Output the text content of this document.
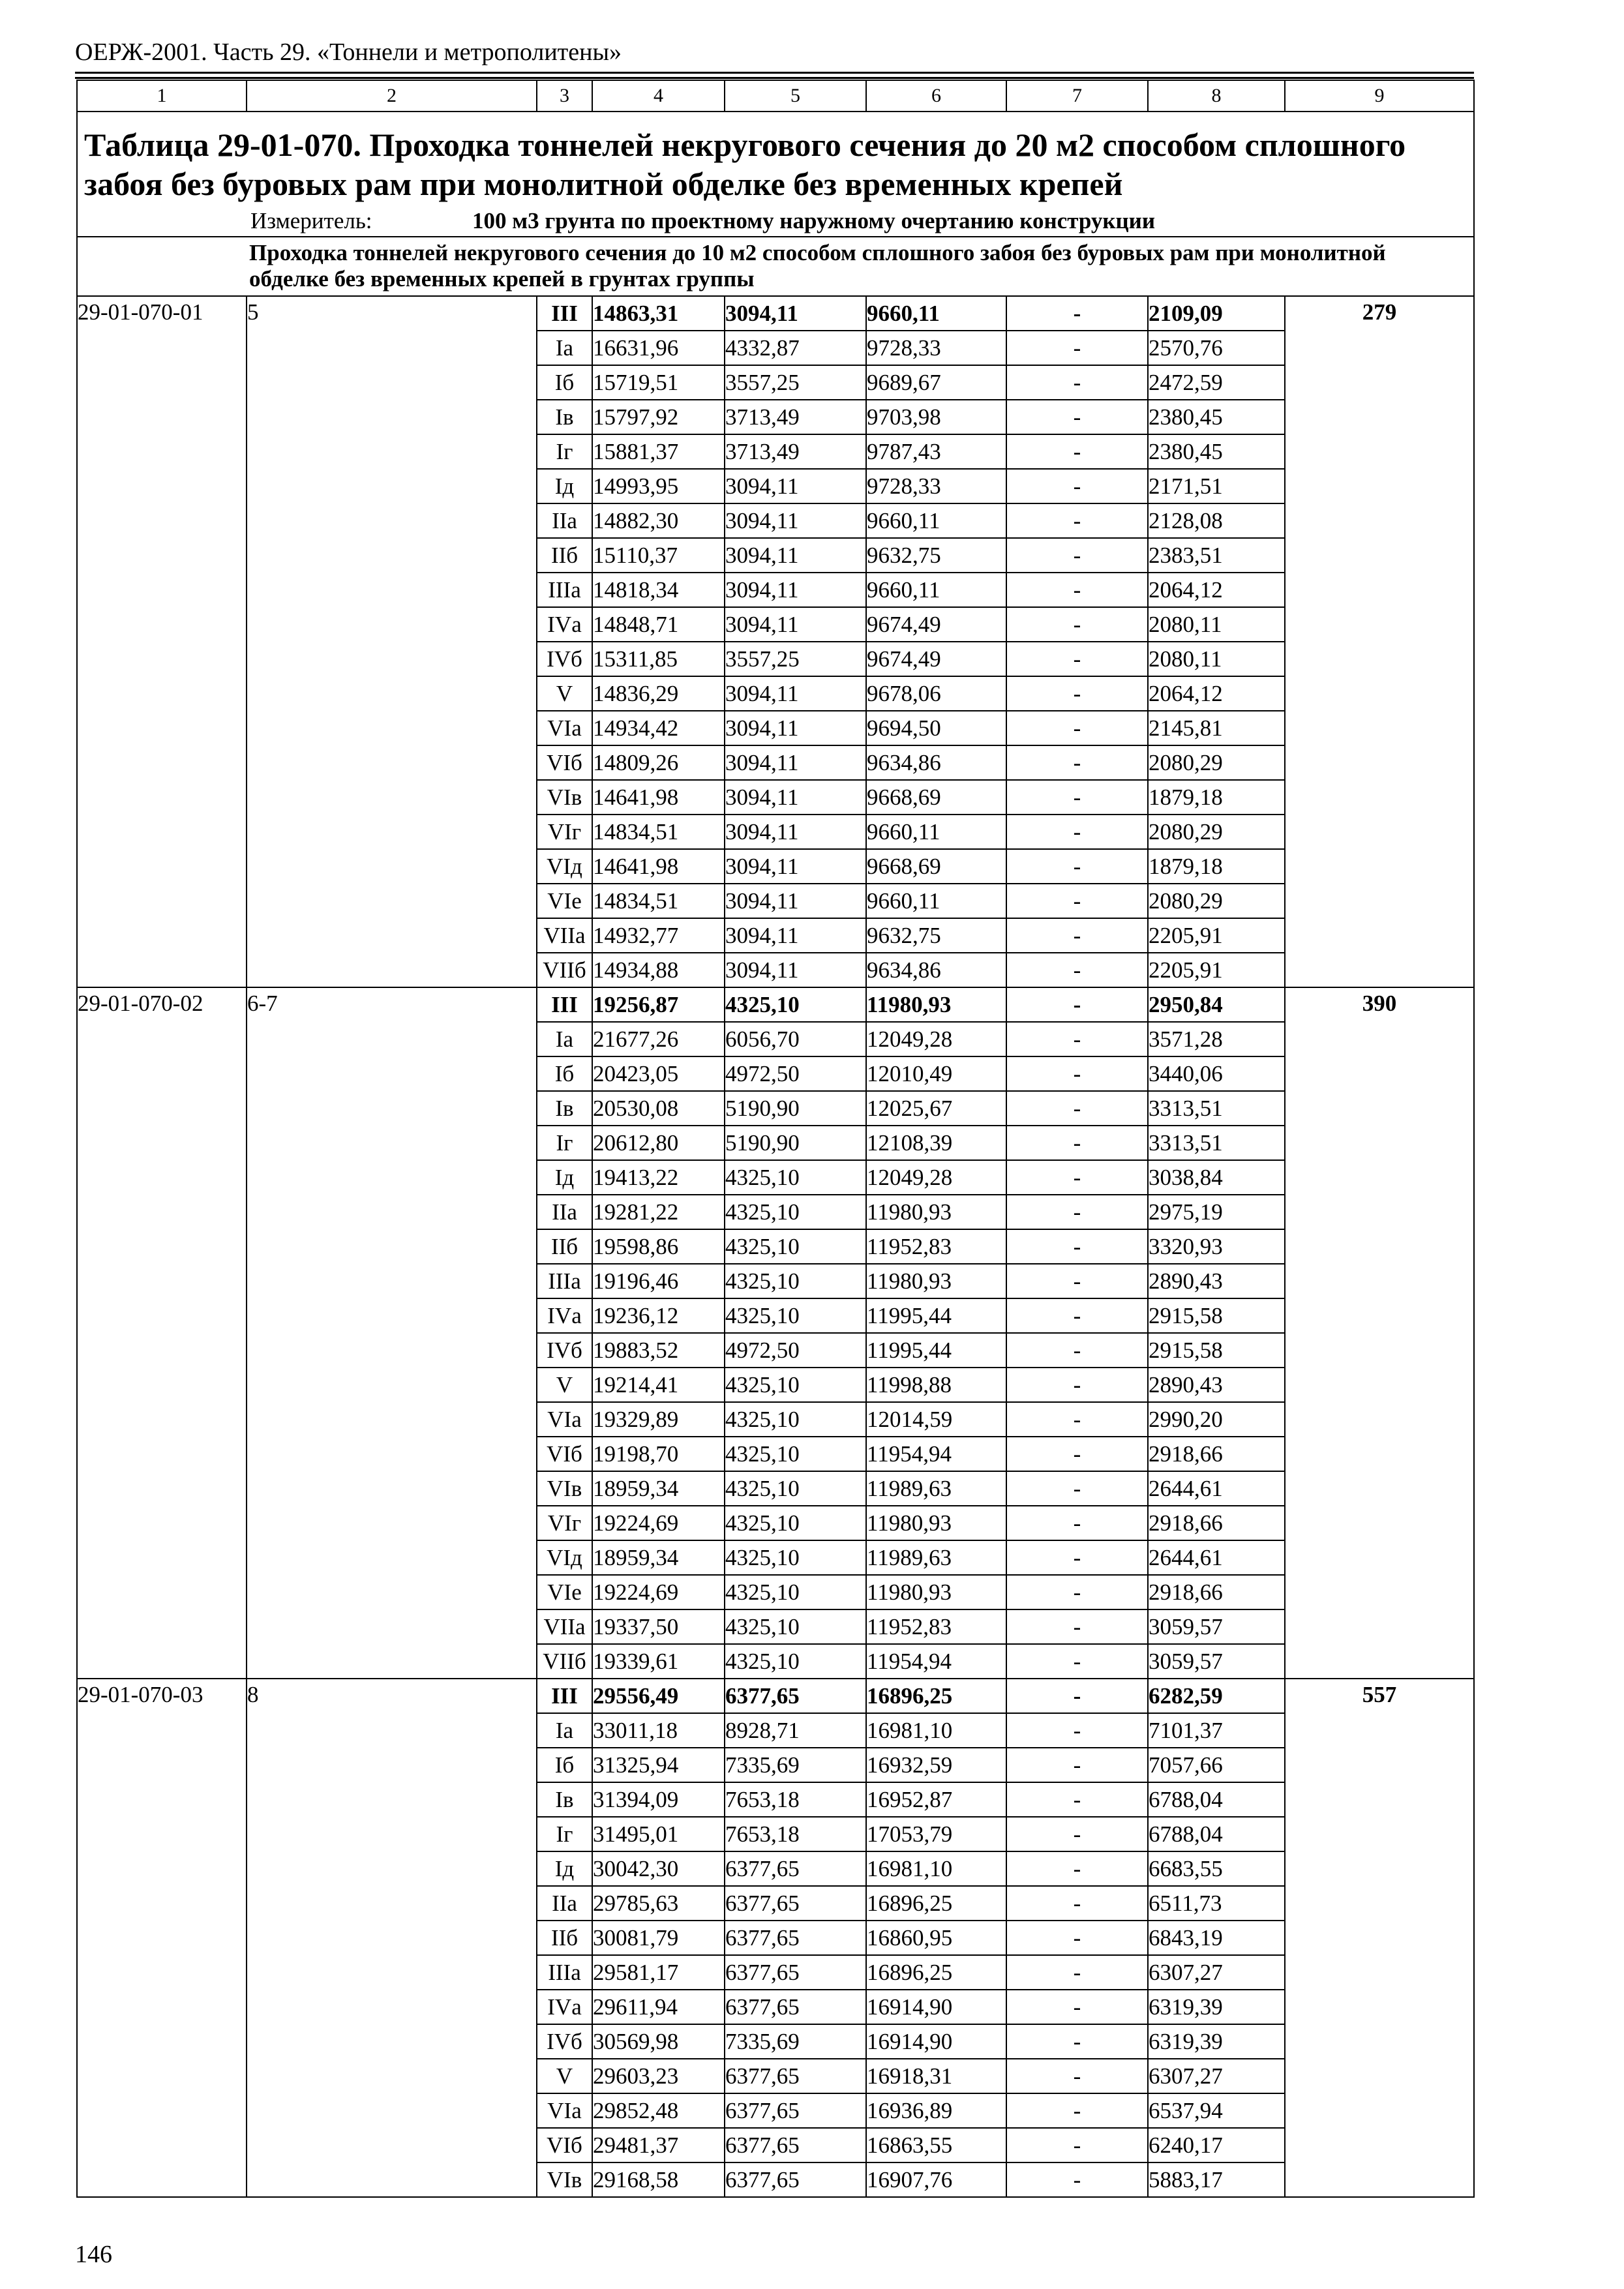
ОЕРЖ-2001. Часть 29. «Тоннели и метрополитены»
1	2	3	4	5	6	7	8	9
Таблица 29-01-070. Проходка тоннелей некругового сечения до 20 м2 способом сплошного забоя без буровых рам при монолитной обделке без временных крепей								
Измеритель: 100 м3 грунта по проектному наружному очертанию конструкции								
Проходка тоннелей некругового сечения до 10 м2 способом сплошного забоя без буровых рам при монолитной обделке без временных крепей в грунтах группы								
29-01-070-01	5	III	14863,31	3094,11	9660,11	-	2109,09	279
		Iа	16631,96	4332,87	9728,33	-	2570,76	
		Iб	15719,51	3557,25	9689,67	-	2472,59	
		Iв	15797,92	3713,49	9703,98	-	2380,45	
		Iг	15881,37	3713,49	9787,43	-	2380,45	
		Iд	14993,95	3094,11	9728,33	-	2171,51	
		IIа	14882,30	3094,11	9660,11	-	2128,08	
		IIб	15110,37	3094,11	9632,75	-	2383,51	
		IIIа	14818,34	3094,11	9660,11	-	2064,12	
		IVа	14848,71	3094,11	9674,49	-	2080,11	
		IVб	15311,85	3557,25	9674,49	-	2080,11	
		V	14836,29	3094,11	9678,06	-	2064,12	
		VIа	14934,42	3094,11	9694,50	-	2145,81	
		VIб	14809,26	3094,11	9634,86	-	2080,29	
		VIв	14641,98	3094,11	9668,69	-	1879,18	
		VIг	14834,51	3094,11	9660,11	-	2080,29	
		VIд	14641,98	3094,11	9668,69	-	1879,18	
		VIе	14834,51	3094,11	9660,11	-	2080,29	
		VIIа	14932,77	3094,11	9632,75	-	2205,91	
		VIIб	14934,88	3094,11	9634,86	-	2205,91	
29-01-070-02	6-7	III	19256,87	4325,10	11980,93	-	2950,84	390
		Iа	21677,26	6056,70	12049,28	-	3571,28	
		Iб	20423,05	4972,50	12010,49	-	3440,06	
		Iв	20530,08	5190,90	12025,67	-	3313,51	
		Iг	20612,80	5190,90	12108,39	-	3313,51	
		Iд	19413,22	4325,10	12049,28	-	3038,84	
		IIа	19281,22	4325,10	11980,93	-	2975,19	
		IIб	19598,86	4325,10	11952,83	-	3320,93	
		IIIа	19196,46	4325,10	11980,93	-	2890,43	
		IVа	19236,12	4325,10	11995,44	-	2915,58	
		IVб	19883,52	4972,50	11995,44	-	2915,58	
		V	19214,41	4325,10	11998,88	-	2890,43	
		VIа	19329,89	4325,10	12014,59	-	2990,20	
		VIб	19198,70	4325,10	11954,94	-	2918,66	
		VIв	18959,34	4325,10	11989,63	-	2644,61	
		VIг	19224,69	4325,10	11980,93	-	2918,66	
		VIд	18959,34	4325,10	11989,63	-	2644,61	
		VIе	19224,69	4325,10	11980,93	-	2918,66	
		VIIа	19337,50	4325,10	11952,83	-	3059,57	
		VIIб	19339,61	4325,10	11954,94	-	3059,57	
29-01-070-03	8	III	29556,49	6377,65	16896,25	-	6282,59	557
		Iа	33011,18	8928,71	16981,10	-	7101,37	
		Iб	31325,94	7335,69	16932,59	-	7057,66	
		Iв	31394,09	7653,18	16952,87	-	6788,04	
		Iг	31495,01	7653,18	17053,79	-	6788,04	
		Iд	30042,30	6377,65	16981,10	-	6683,55	
		IIа	29785,63	6377,65	16896,25	-	6511,73	
		IIб	30081,79	6377,65	16860,95	-	6843,19	
		IIIа	29581,17	6377,65	16896,25	-	6307,27	
		IVа	29611,94	6377,65	16914,90	-	6319,39	
		IVб	30569,98	7335,69	16914,90	-	6319,39	
		V	29603,23	6377,65	16918,31	-	6307,27	
		VIа	29852,48	6377,65	16936,89	-	6537,94	
		VIб	29481,37	6377,65	16863,55	-	6240,17	
		VIв	29168,58	6377,65	16907,76	-	5883,17	
146
